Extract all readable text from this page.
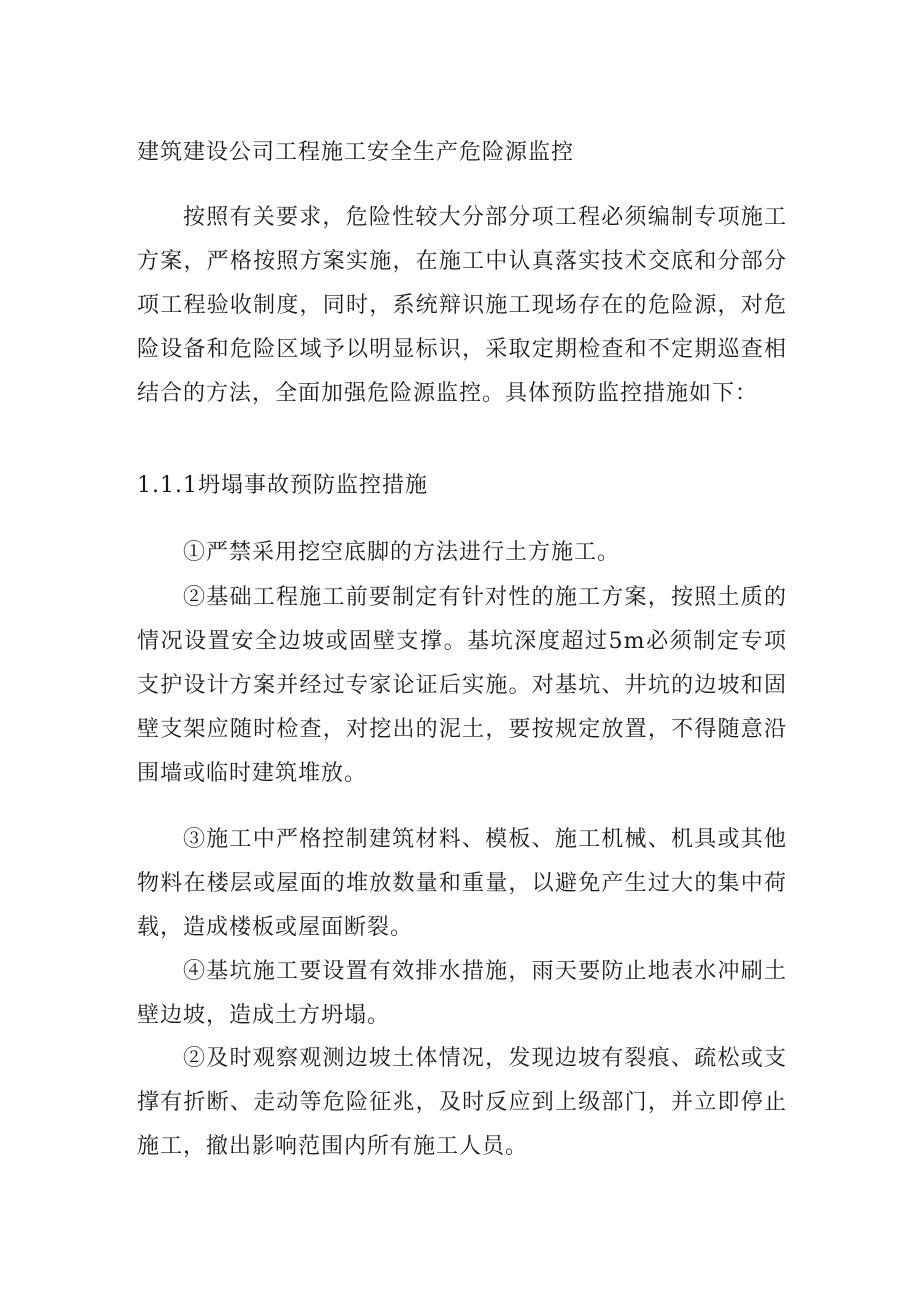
建筑建设公司工程施工安全生产危险源监控

按照有关要求，危险性较大分部分项工程必须编制专项施工方案，严格按照方案实施，在施工中认真落实技术交底和分部分项工程验收制度，同时，系统辩识施工现场存在的危险源，对危险设备和危险区域予以明显标识，采取定期检查和不定期巡查相结合的方法，全面加强危险源监控。具体预防监控措施如下：

1.1.1坍塌事故预防监控措施

①严禁采用挖空底脚的方法进行土方施工。

②基础工程施工前要制定有针对性的施工方案，按照土质的情况设置安全边坡或固壁支撑。基坑深度超过5m必须制定专项支护设计方案并经过专家论证后实施。对基坑、井坑的边坡和固壁支架应随时检查，对挖出的泥土，要按规定放置，不得随意沿围墙或临时建筑堆放。

③施工中严格控制建筑材料、模板、施工机械、机具或其他物料在楼层或屋面的堆放数量和重量，以避免产生过大的集中荷载，造成楼板或屋面断裂。

④基坑施工要设置有效排水措施，雨天要防止地表水冲刷土壁边坡，造成土方坍塌。

②及时观察观测边坡土体情况，发现边坡有裂痕、疏松或支撑有折断、走动等危险征兆，及时反应到上级部门，并立即停止施工，撤出影响范围内所有施工人员。
